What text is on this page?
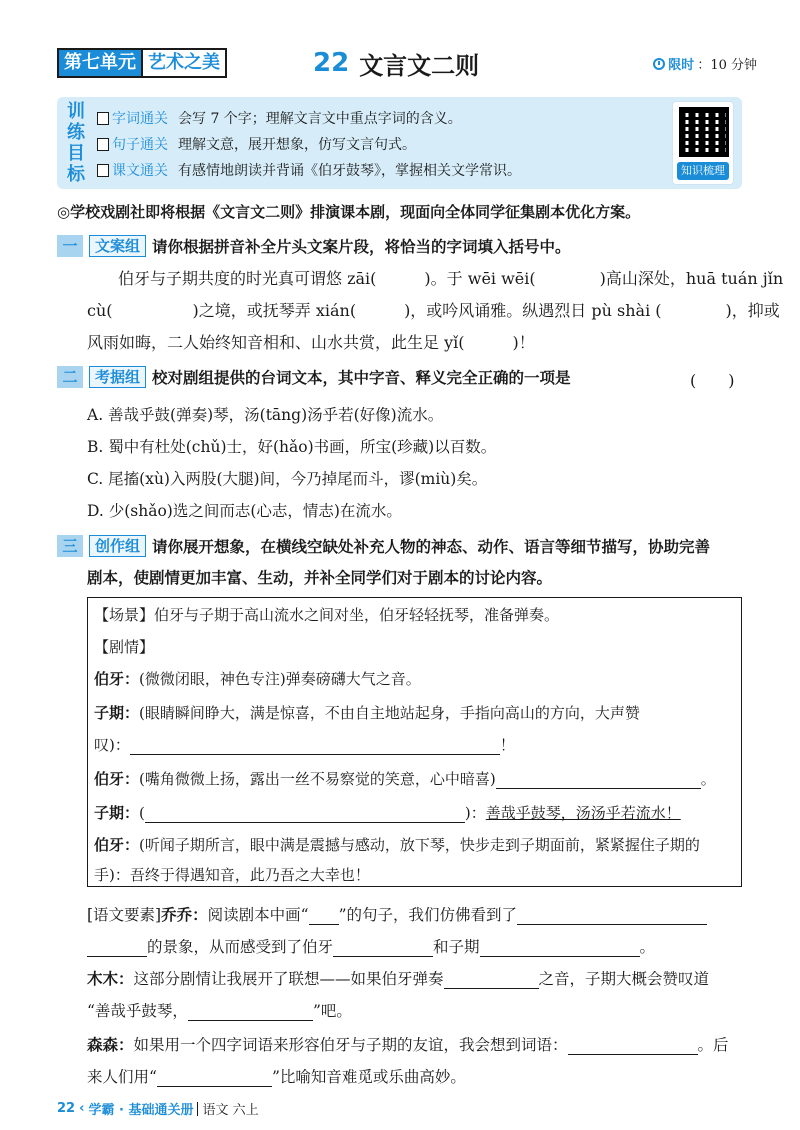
第七单元 艺术之美	22 文言文二则	限时 ：10 分钟
训
练
目
标
字词通关 会写 7 个字；理解文言文中重点字词的含义。
句子通关 理解文意，展开想象，仿写文言句式。
课文通关 有感情地朗读并背诵《伯牙鼓琴》，掌握相关文学常识。	知识梳理
◎学校戏剧社即将根据《文言文二则》排演课本剧，现面向全体同学征集剧本优化方案。
一	文案组 请你根据拼音补全片头文案片段，将恰当的字词填入括号中。
伯牙与子期共度的时光真可谓悠 zāi(　　　)。于 wēi wēi(　　　　)高山深处，huā tuán jǐn
cù(　　　　　)之境，或抚琴弄 xián(　　　)，或吟风诵雅。纵遇烈日 pù shài (　　　　)，抑或
风雨如晦，二人始终知音相和、山水共赏，此生足 yǐ(　　　)！
二	考据组 校对剧组提供的台词文本，其中字音、释义完全正确的一项是	(　　)
A. 善哉乎鼓(弹奏)琴，汤(tāng)汤乎若(好像)流水。
B. 蜀中有杜处(chǔ)士，好(hǎo)书画，所宝(珍藏)以百数。
C. 尾搐(xù)入两股(大腿)间，今乃掉尾而斗，谬(miù)矣。
D. 少(shǎo)选之间而志(心志，情志)在流水。
三	创作组 请你展开想象，在横线空缺处补充人物的神态、动作、语言等细节描写，协助完善
剧本，使剧情更加丰富、生动，并补全同学们对于剧本的讨论内容。
【场景】伯牙与子期于高山流水之间对坐，伯牙轻轻抚琴，准备弹奏。
【剧情】
伯牙：(微微闭眼，神色专注)弹奏磅礴大气之音。
子期：(眼睛瞬间睁大，满是惊喜，不由自主地站起身，手指向高山的方向，大声赞
叹)：	！
伯牙：(嘴角微微上扬，露出一丝不易察觉的笑意，心中暗喜)	。
子期：(	)：善哉乎鼓琴，汤汤乎若流水！
伯牙：(听闻子期所言，眼中满是震撼与感动，放下琴，快步走到子期面前，紧紧握住子期的
手)：吾终于得遇知音，此乃吾之大幸也！
[语文要素]乔乔：阅读剧本中画“ ”的句子，我们仿佛看到了
的景象，从而感受到了伯牙	和子期	。
木木：这部分剧情让我展开了联想——如果伯牙弹奏	之音，子期大概会赞叹道
“善哉乎鼓琴，	”吧。
森森：如果用一个四字词语来形容伯牙与子期的友谊，我会想到词语：	。后
来人们用“	”比喻知音难觅或乐曲高妙。
22 ‹ 学霸 · 基础通关册 语文 六上
